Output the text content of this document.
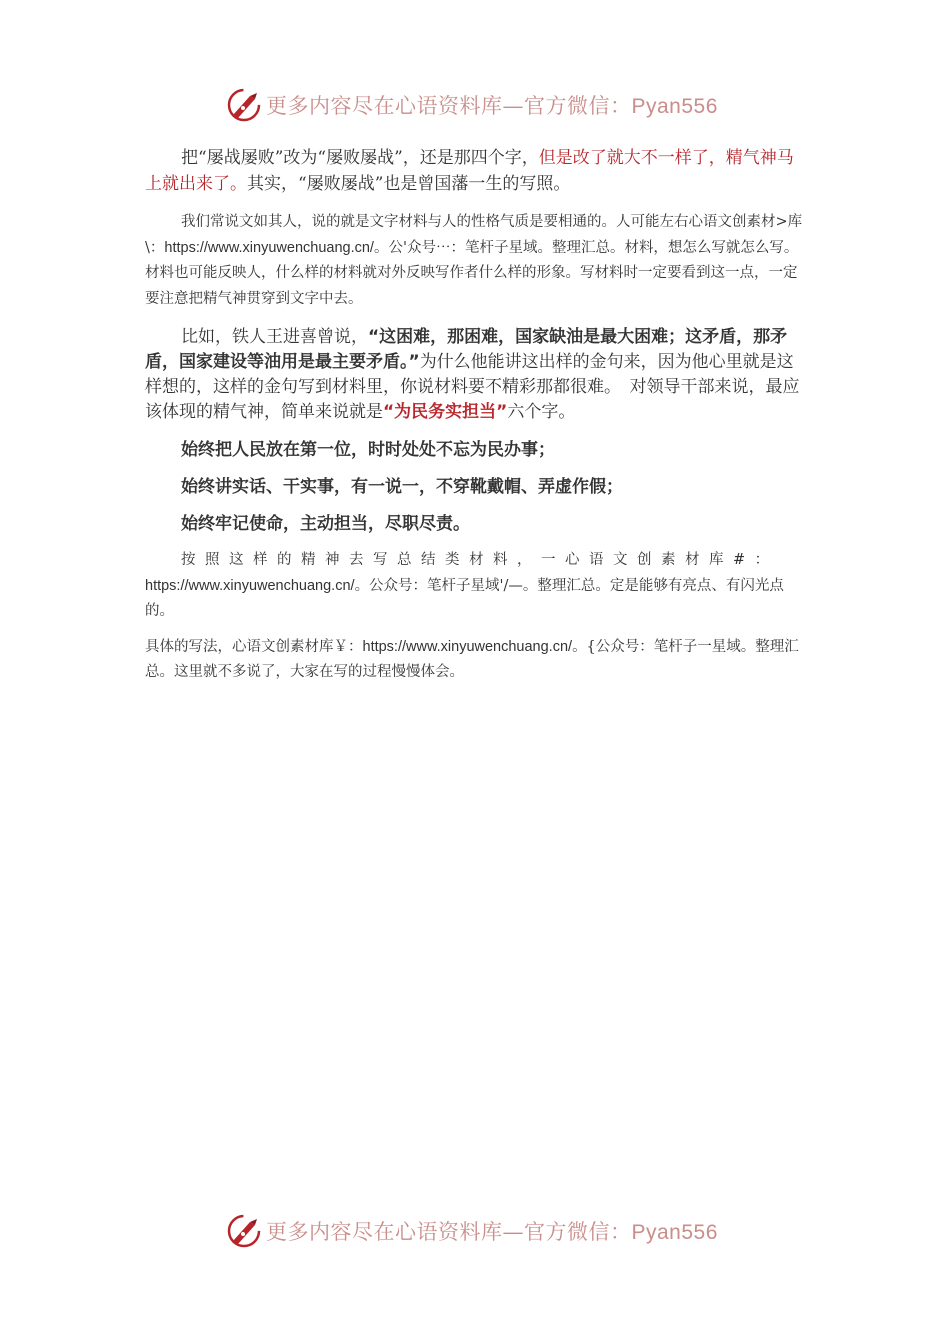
更多内容尽在心语资料库—官方微信：Pyan556

把“屡战屡败”改为“屡败屡战”，还是那四个字，但是改了就大不一样了，精气神马上就出来了。其实，“屡败屡战”也是曾国藩一生的写照。

我们常说文如其人，说的就是文字材料与人的性格气质是要相通的。人可能左右心语文创素材>库\：https://www.xinyuwenchuang.cn/。公'众号⋯：笔杆子星域。整理汇总。材料，想怎么写就怎么写。材料也可能反映人，什么样的材料就对外反映写作者什么样的形象。写材料时一定要看到这一点，一定要注意把精气神贯穿到文字中去。

比如，铁人王进喜曾说，“这困难，那困难，国家缺油是最大困难；这矛盾，那矛盾，国家建设等油用是最主要矛盾。”为什么他能讲这出样的金句来，因为他心里就是这样想的，这样的金句写到材料里，你说材料要不精彩那都很难。　对领导干部来说，最应该体现的精气神，简单来说就是“为民务实担当”六个字。

始终把人民放在第一位，时时处处不忘为民办事；

始终讲实话、干实事，有一说一，不穿靴戴帽、弄虚作假；

始终牢记使命，主动担当，尽职尽责。

按照这样的精神去写总结类材料，一心语文创素材库#：https://www.xinyuwenchuang.cn/。公众号：笔杆子星域'/—。整理汇总。定是能够有亮点、有闪光点的。

具体的写法，心语文创素材库￥：https://www.xinyuwenchuang.cn/。{公众号：笔杆子一星域。整理汇总。这里就不多说了，大家在写的过程慢慢体会。

更多内容尽在心语资料库—官方微信：Pyan556
